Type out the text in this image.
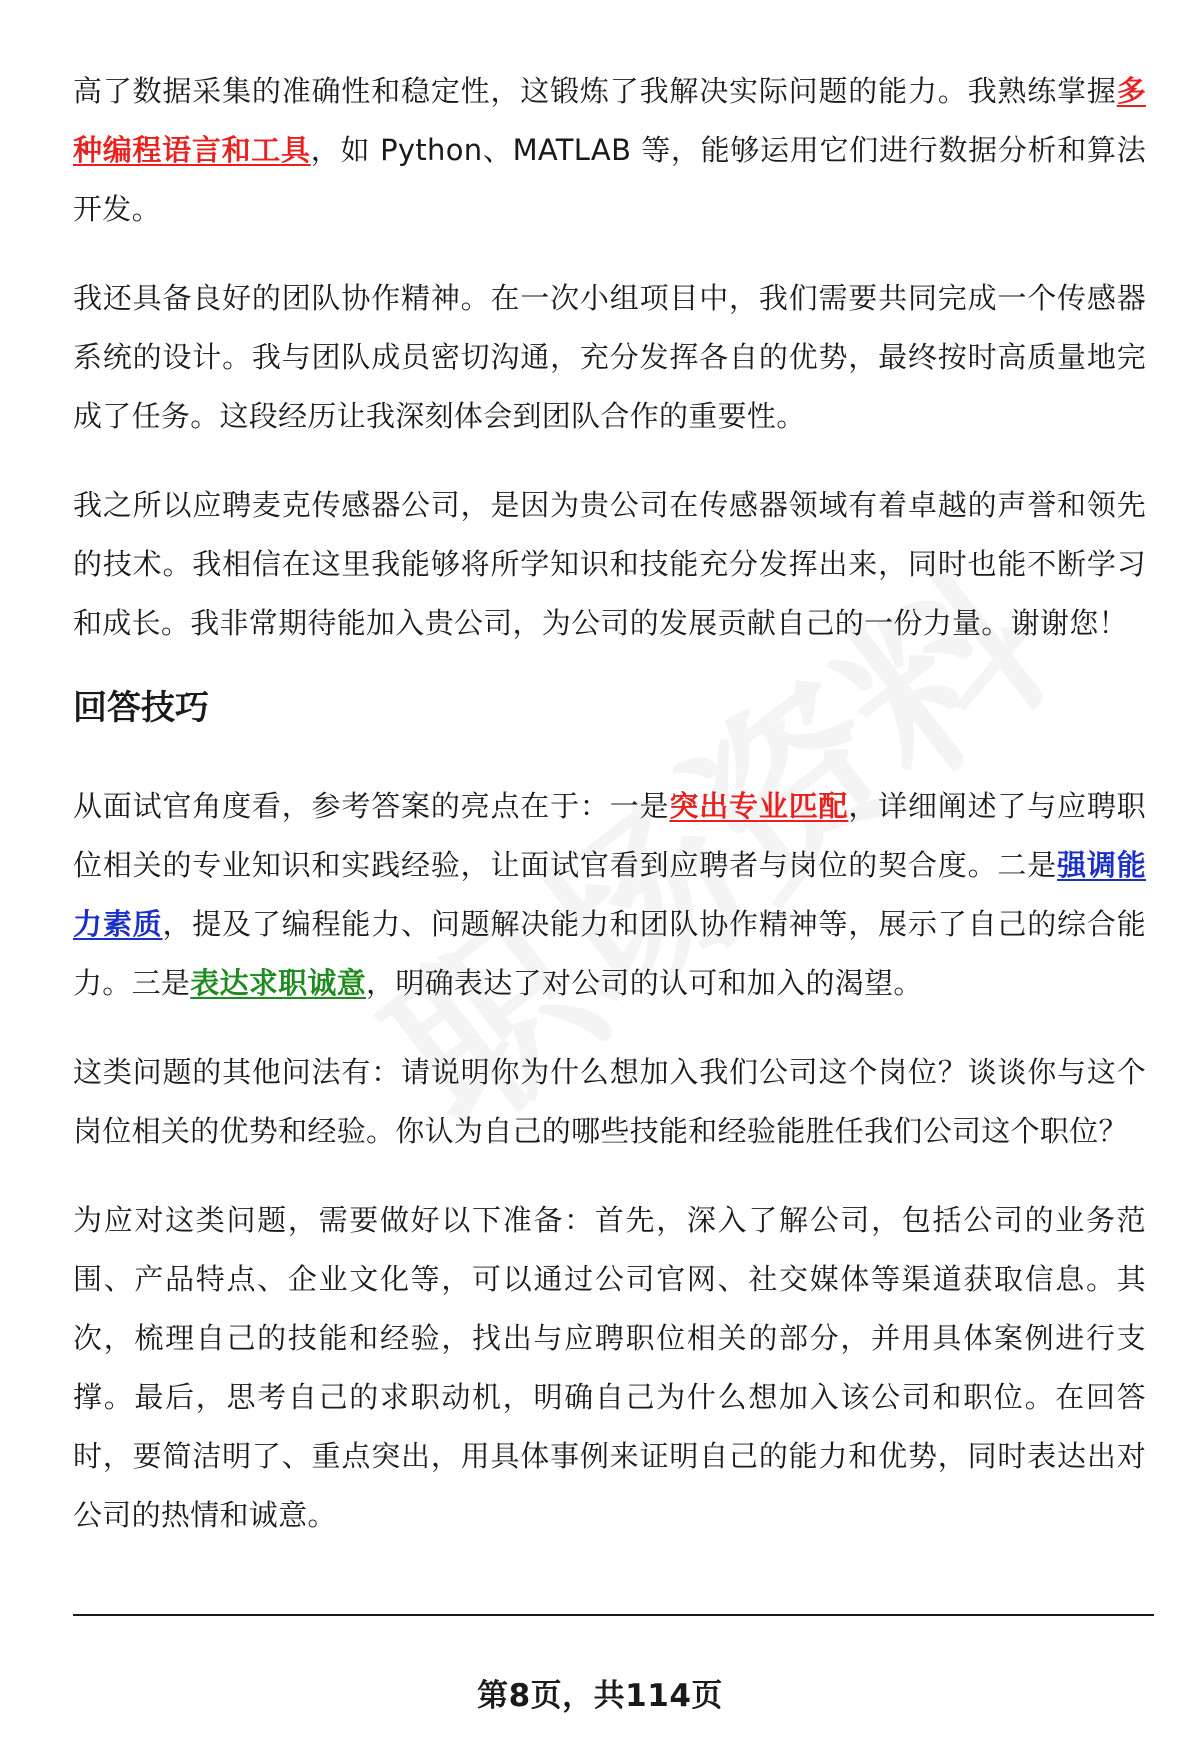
高了数据采集的准确性和稳定性，这锻炼了我解决实际问题的能力。我熟练掌握多种编程语言和工具，如 Python、MATLAB 等，能够运用它们进行数据分析和算法开发。

我还具备良好的团队协作精神。在一次小组项目中，我们需要共同完成一个传感器系统的设计。我与团队成员密切沟通，充分发挥各自的优势，最终按时高质量地完成了任务。这段经历让我深刻体会到团队合作的重要性。

我之所以应聘麦克传感器公司，是因为贵公司在传感器领域有着卓越的声誉和领先的技术。我相信在这里我能够将所学知识和技能充分发挥出来，同时也能不断学习和成长。我非常期待能加入贵公司，为公司的发展贡献自己的一份力量。谢谢您！

回答技巧

从面试官角度看，参考答案的亮点在于：一是突出专业匹配，详细阐述了与应聘职位相关的专业知识和实践经验，让面试官看到应聘者与岗位的契合度。二是强调能力素质，提及了编程能力、问题解决能力和团队协作精神等，展示了自己的综合能力。三是表达求职诚意，明确表达了对公司的认可和加入的渴望。

这类问题的其他问法有：请说明你为什么想加入我们公司这个岗位？谈谈你与这个岗位相关的优势和经验。你认为自己的哪些技能和经验能胜任我们公司这个职位？

为应对这类问题，需要做好以下准备：首先，深入了解公司，包括公司的业务范围、产品特点、企业文化等，可以通过公司官网、社交媒体等渠道获取信息。其次，梳理自己的技能和经验，找出与应聘职位相关的部分，并用具体案例进行支撑。最后，思考自己的求职动机，明确自己为什么想加入该公司和职位。在回答时，要简洁明了、重点突出，用具体事例来证明自己的能力和优势，同时表达出对公司的热情和诚意。

第8页，共114页
